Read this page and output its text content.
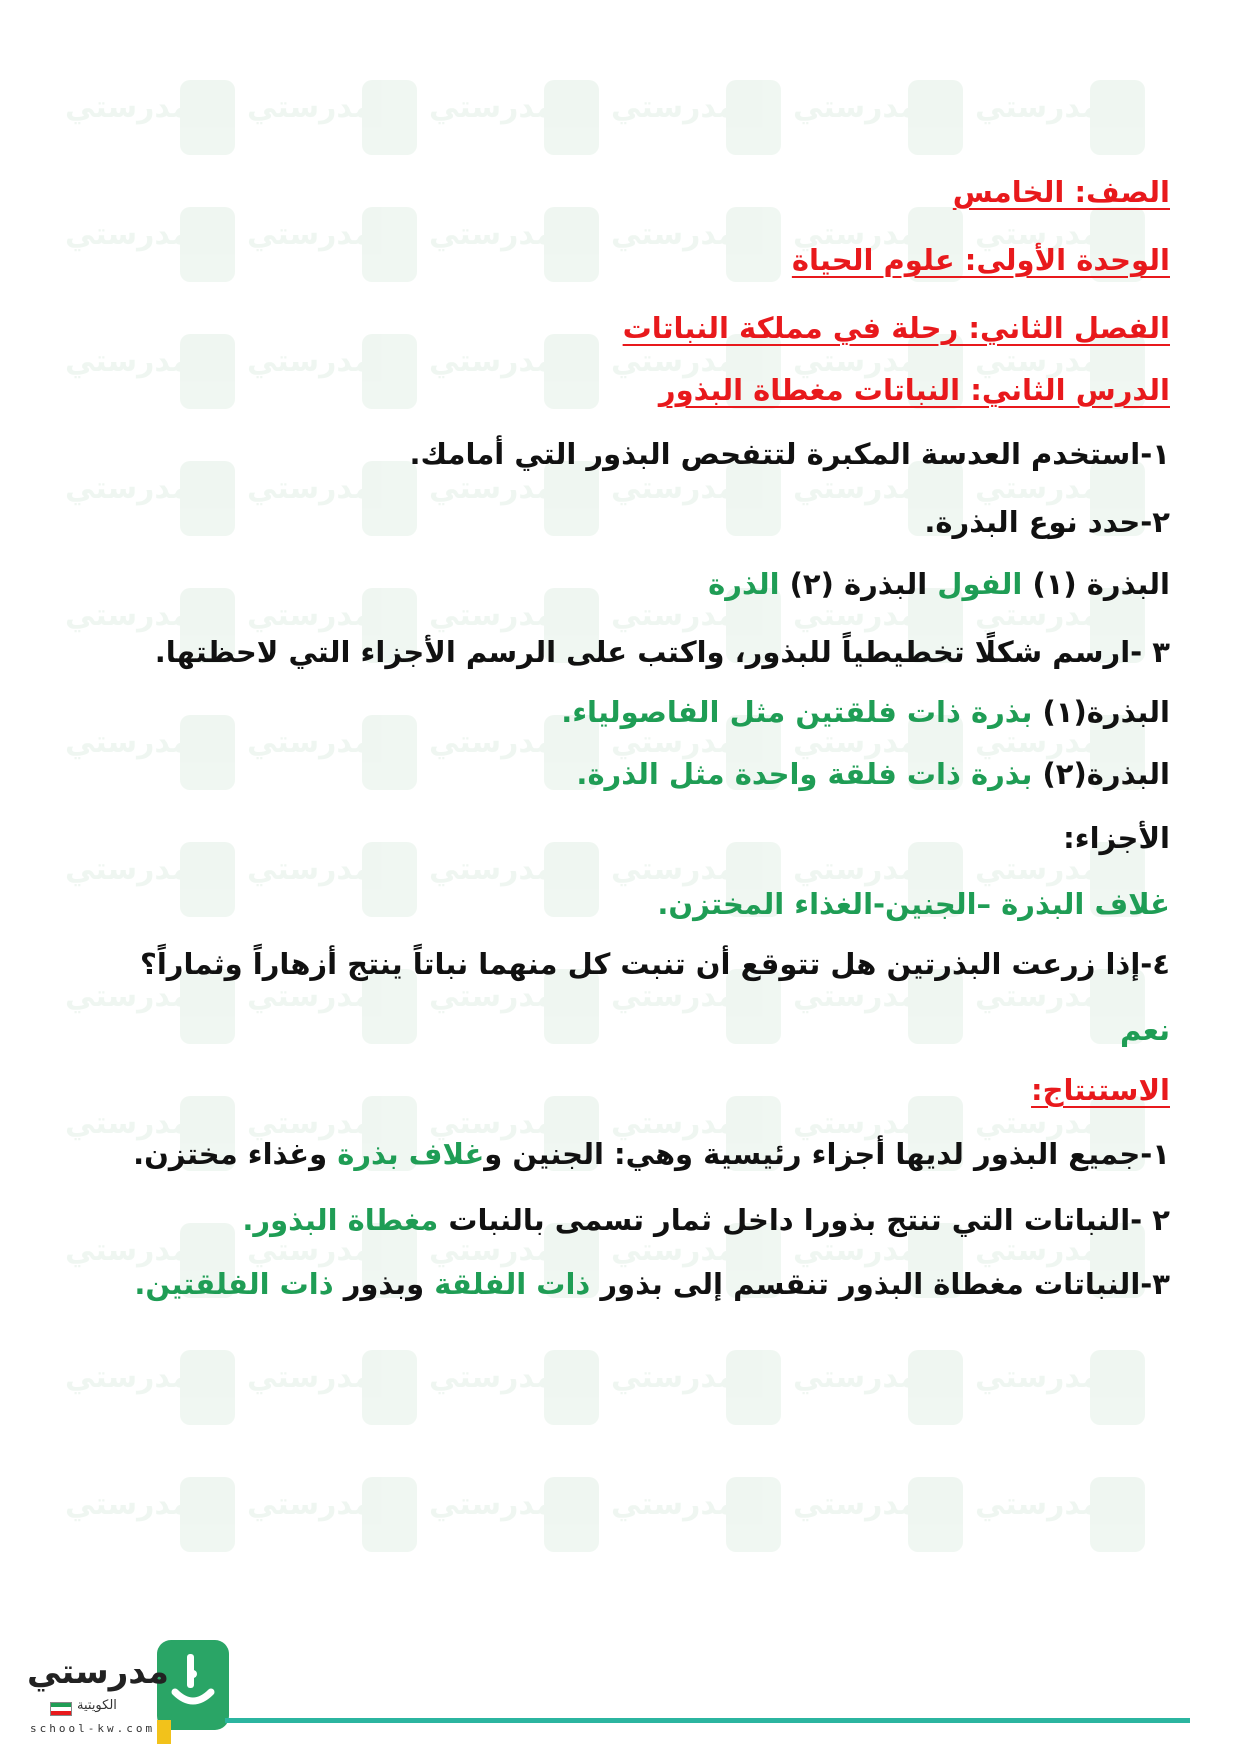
مدرستي مدرستي مدرستي مدرستي مدرستي مدرستي
مدرستي مدرستي مدرستي مدرستي مدرستي مدرستي
مدرستي مدرستي مدرستي مدرستي مدرستي مدرستي
مدرستي مدرستي مدرستي مدرستي مدرستي مدرستي
مدرستي مدرستي مدرستي مدرستي مدرستي مدرستي
مدرستي مدرستي مدرستي مدرستي مدرستي مدرستي
مدرستي مدرستي مدرستي مدرستي مدرستي مدرستي
مدرستي مدرستي مدرستي مدرستي مدرستي مدرستي
مدرستي مدرستي مدرستي مدرستي مدرستي مدرستي
مدرستي مدرستي مدرستي مدرستي مدرستي مدرستي
مدرستي مدرستي مدرستي مدرستي مدرستي مدرستي
مدرستي مدرستي مدرستي مدرستي مدرستي مدرستي
الصف: الخامس
الوحدة الأولى: علوم الحياة
الفصل الثاني: رحلة في مملكة النباتات
الدرس الثاني: النباتات مغطاة البذور
١-استخدم العدسة المكبرة لتتفحص البذور التي أمامك.
٢-حدد نوع البذرة.
البذرة (١) الفول البذرة (٢) الذرة
٣ -ارسم شكلًا تخطيطياً للبذور، واكتب على الرسم الأجزاء التي لاحظتها.
البذرة(١) بذرة ذات فلقتين مثل الفاصولياء.
البذرة(٢) بذرة ذات فلقة واحدة مثل الذرة.
الأجزاء:
غلاف البذرة –الجنين-الغذاء المختزن.
٤-إذا زرعت البذرتين هل تتوقع أن تنبت كل منهما نباتاً ينتج أزهاراً وثماراً؟
نعم
الاستنتاج:
١-جميع البذور لديها أجزاء رئيسية وهي: الجنين وغلاف بذرة وغذاء مختزن.
٢ -النباتات التي تنتج بذورا داخل ثمار تسمى بالنبات مغطاة البذور.
٣-النباتات مغطاة البذور تنقسم إلى بذور ذات الفلقة وبذور ذات الفلقتين.
مدرستي
الكويتية
school-kw.com
